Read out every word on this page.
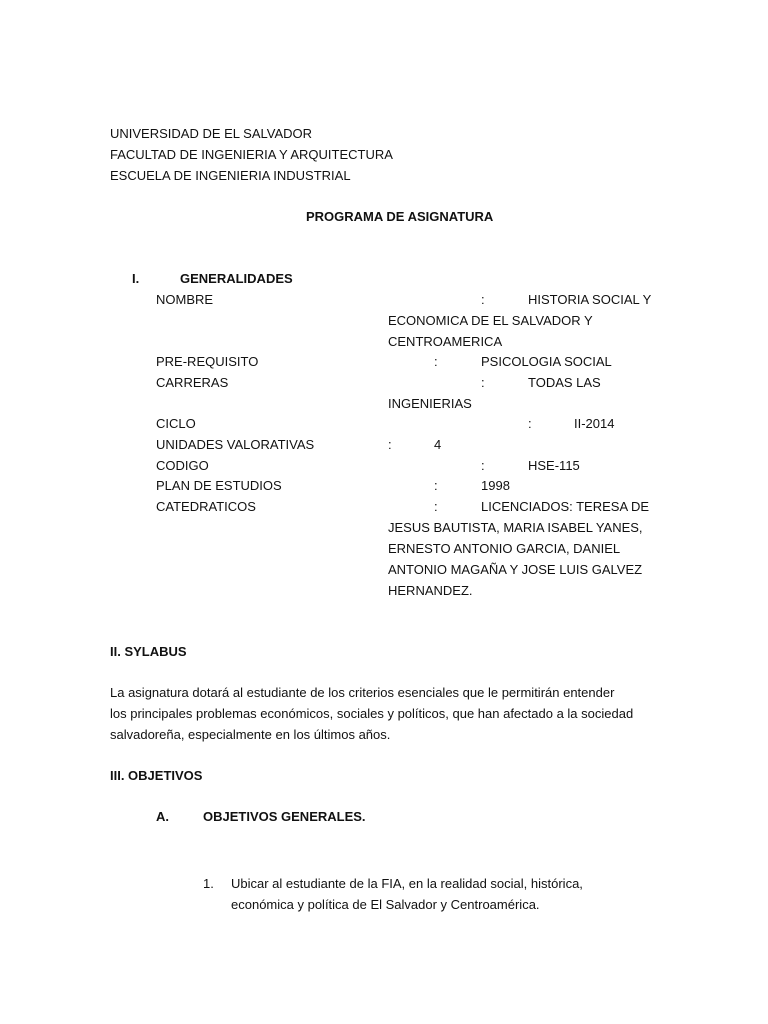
UNIVERSIDAD DE EL SALVADOR
FACULTAD DE INGENIERIA Y ARQUITECTURA
ESCUELA DE INGENIERIA INDUSTRIAL
PROGRAMA DE ASIGNATURA
I.	GENERALIDADES
NOMBRE	:	HISTORIA SOCIAL Y
ECONOMICA DE EL SALVADOR Y
CENTROAMERICA
PRE-REQUISITO	:	PSICOLOGIA SOCIAL
CARRERAS	:	TODAS LAS
INGENIERIAS
CICLO	:	II-2014
UNIDADES VALORATIVAS	:	4
CODIGO	:	HSE-115
PLAN DE ESTUDIOS	:	1998
CATEDRATICOS	:	LICENCIADOS: TERESA DE
JESUS BAUTISTA, MARIA ISABEL YANES,
ERNESTO ANTONIO GARCIA, DANIEL
ANTONIO MAGAÑA Y JOSE LUIS GALVEZ
HERNANDEZ.
II. SYLABUS
La asignatura dotará al estudiante de los criterios esenciales que le permitirán entender
los principales problemas económicos, sociales y políticos, que han afectado a la sociedad
salvadoreña, especialmente en los últimos años.
III. OBJETIVOS
A.	OBJETIVOS GENERALES.
1. Ubicar al estudiante de la FIA, en la realidad social, histórica,
económica y política de El Salvador y Centroamérica.
